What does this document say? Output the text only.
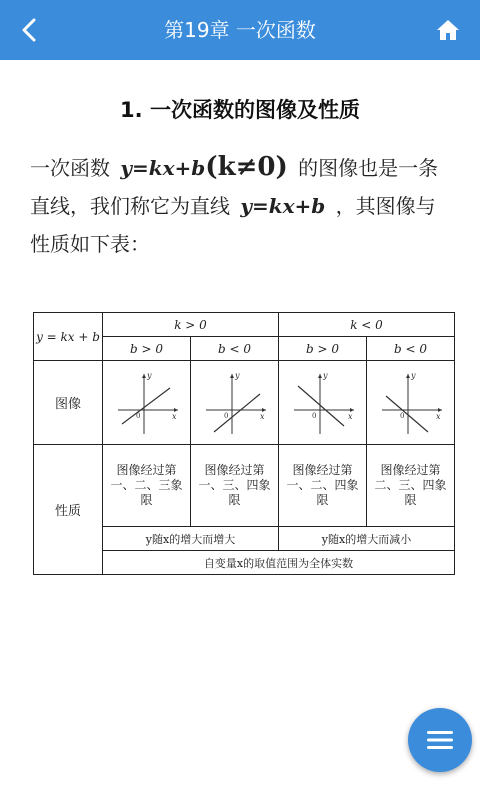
第19章 一次函数
1. 一次函数的图像及性质
一次函数 y=kx+b(k≠0) 的图像也是一条直线，我们称它为直线 y=kx+b ，其图像与性质如下表：
y = kx + b	k > 0		k < 0	
	b > 0	b < 0	b > 0	b < 0
图像	y
x
0	y
x
0	y
x
0	y
x
0

性质	图像经过第一、二、三象限	图像经过第一、三、四象限	图像经过第一、二、四象限	图像经过第二、三、四象限
	y随x的增大而增大		y随x的增大而减小	
	自变量x的取值范围为全体实数			
